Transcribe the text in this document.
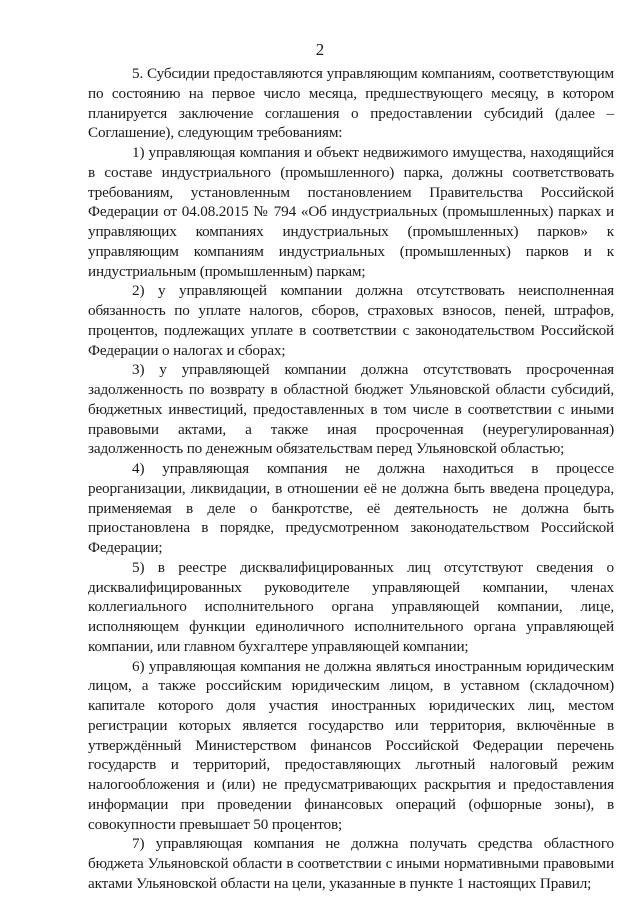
2

5. Субсидии предоставляются управляющим компаниям, соответствующим по состоянию на первое число месяца, предшествующего месяцу, в котором планируется заключение соглашения о предоставлении субсидий (далее – Соглашение), следующим требованиям:

1) управляющая компания и объект недвижимого имущества, находящийся в составе индустриального (промышленного) парка, должны соответствовать требованиям, установленным постановлением Правительства Российской Федерации от 04.08.2015 № 794 «Об индустриальных (промышленных) парках и управляющих компаниях индустриальных (промышленных) парков» к управляющим компаниям индустриальных (промышленных) парков и к индустриальным (промышленным) паркам;

2) у управляющей компании должна отсутствовать неисполненная обязанность по уплате налогов, сборов, страховых взносов, пеней, штрафов, процентов, подлежащих уплате в соответствии с законодательством Российской Федерации о налогах и сборах;

3) у управляющей компании должна отсутствовать просроченная задолженность по возврату в областной бюджет Ульяновской области субсидий, бюджетных инвестиций, предоставленных в том числе в соответствии с иными правовыми актами, а также иная просроченная (неурегулированная) задолженность по денежным обязательствам перед Ульяновской областью;

4) управляющая компания не должна находиться в процессе реорганизации, ликвидации, в отношении её не должна быть введена процедура, применяемая в деле о банкротстве, её деятельность не должна быть приостановлена в порядке, предусмотренном законодательством Российской Федерации;

5) в реестре дисквалифицированных лиц отсутствуют сведения о дисквалифицированных руководителе управляющей компании, членах коллегиального исполнительного органа управляющей компании, лице, исполняющем функции единоличного исполнительного органа управляющей компании, или главном бухгалтере управляющей компании;

6) управляющая компания не должна являться иностранным юридическим лицом, а также российским юридическим лицом, в уставном (складочном) капитале которого доля участия иностранных юридических лиц, местом регистрации которых является государство или территория, включённые в утверждённый Министерством финансов Российской Федерации перечень государств и территорий, предоставляющих льготный налоговый режим налогообложения и (или) не предусматривающих раскрытия и предоставления информации при проведении финансовых операций (офшорные зоны), в совокупности превышает 50 процентов;

7) управляющая компания не должна получать средства областного бюджета Ульяновской области в соответствии с иными нормативными правовыми актами Ульяновской области на цели, указанные в пункте 1 настоящих Правил;
